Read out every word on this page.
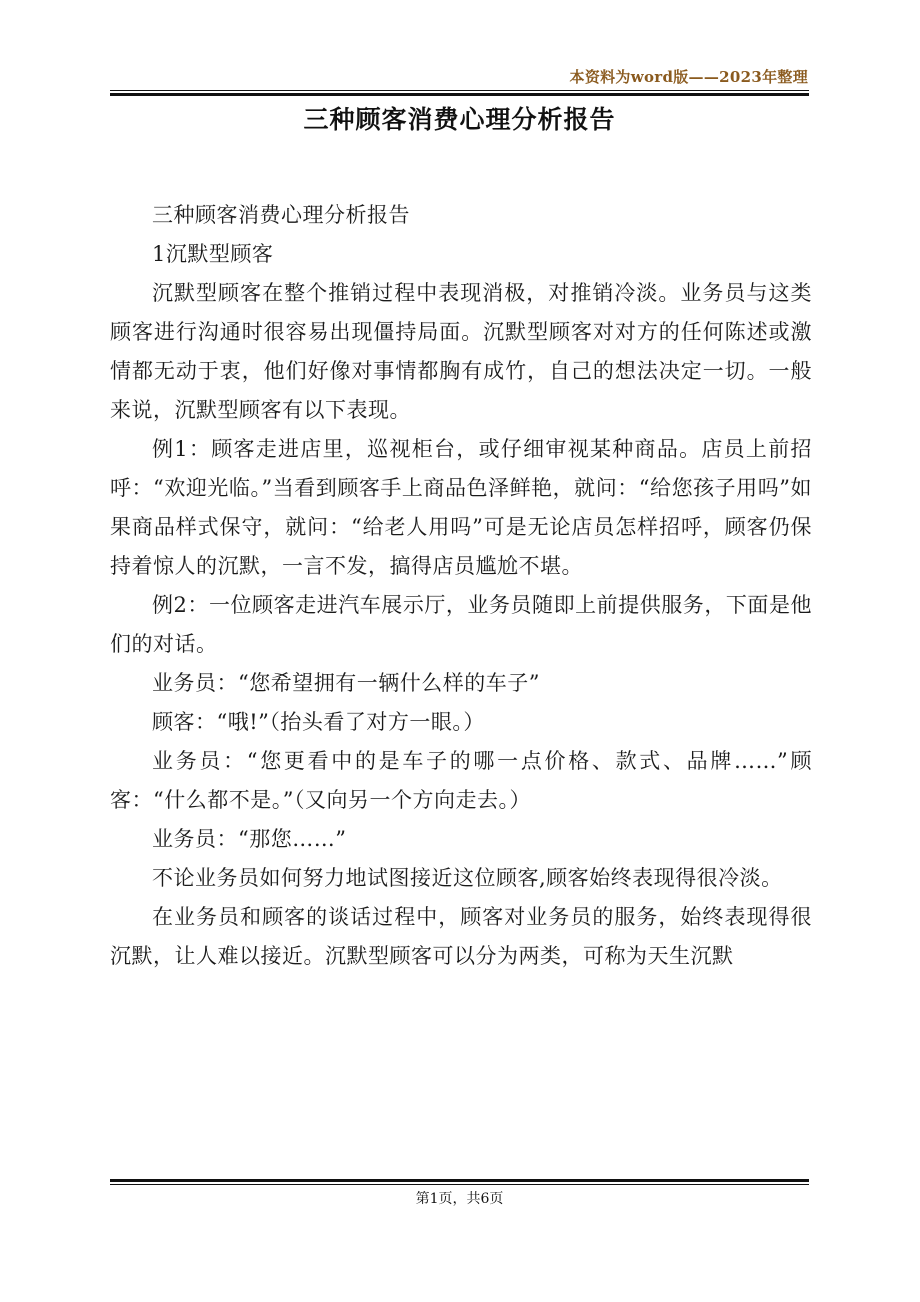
本资料为word版——2023年整理
三种顾客消费心理分析报告

三种顾客消费心理分析报告

1沉默型顾客

沉默型顾客在整个推销过程中表现消极，对推销冷淡。业务员与这类顾客进行沟通时很容易出现僵持局面。沉默型顾客对对方的任何陈述或激情都无动于衷，他们好像对事情都胸有成竹，自己的想法决定一切。一般来说，沉默型顾客有以下表现。

例1：顾客走进店里，巡视柜台，或仔细审视某种商品。店员上前招呼：“欢迎光临。”当看到顾客手上商品色泽鲜艳，就问：“给您孩子用吗”如果商品样式保守，就问：“给老人用吗”可是无论店员怎样招呼，顾客仍保持着惊人的沉默，一言不发，搞得店员尴尬不堪。

例2：一位顾客走进汽车展示厅，业务员随即上前提供服务，下面是他们的对话。

业务员：“您希望拥有一辆什么样的车子”

顾客：“哦!”（抬头看了对方一眼。）

业务员：“您更看中的是车子的哪一点价格、款式、品牌……”顾客：“什么都不是。”（又向另一个方向走去。）

业务员：“那您……”

不论业务员如何努力地试图接近这位顾客,顾客始终表现得很冷淡。

在业务员和顾客的谈话过程中，顾客对业务员的服务，始终表现得很沉默，让人难以接近。沉默型顾客可以分为两类，可称为天生沉默

第1页，共6页
